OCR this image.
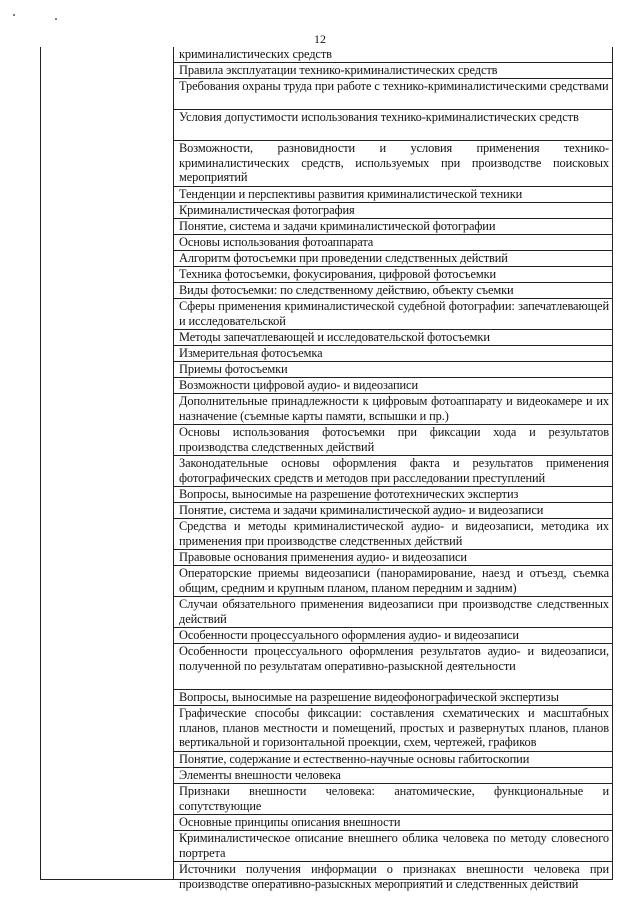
12
криминалистических средств
Правила эксплуатации технико-криминалистических средств
Требования охраны труда при работе с технико-криминалистическими средствами
Условия допустимости использования технико-криминалистических средств
Возможности, разновидности и условия применения технико-криминалистических средств, используемых при производстве поисковых мероприятий
Тенденции и перспективы развития криминалистической техники
Криминалистическая фотография
Понятие, система и задачи криминалистической фотографии
Основы использования фотоаппарата
Алгоритм фотосъемки при проведении следственных действий
Техника фотосъемки, фокусирования, цифровой фотосъемки
Виды фотосъемки: по следственному действию, объекту съемки
Сферы применения криминалистической судебной фотографии: запечатлевающей и исследовательской
Методы запечатлевающей и исследовательской фотосъемки
Измерительная фотосъемка
Приемы фотосъемки
Возможности цифровой аудио- и видеозаписи
Дополнительные принадлежности к цифровым фотоаппарату и видеокамере и их назначение (съемные карты памяти, вспышки и пр.)
Основы использования фотосъемки при фиксации хода и результатов производства следственных действий
Законодательные основы оформления факта и результатов применения фотографических средств и методов при расследовании преступлений
Вопросы, выносимые на разрешение фототехнических экспертиз
Понятие, система и задачи криминалистической аудио- и видеозаписи
Средства и методы криминалистической аудио- и видеозаписи, методика их применения при производстве следственных действий
Правовые основания применения аудио- и видеозаписи
Операторские приемы видеозаписи (панорамирование, наезд и отъезд, съемка общим, средним и крупным планом, планом передним и задним)
Случаи обязательного применения видеозаписи при производстве следственных действий
Особенности процессуального оформления аудио- и видеозаписи
Особенности процессуального оформления результатов аудио- и видеозаписи, полученной по результатам оперативно-разыскной деятельности
Вопросы, выносимые на разрешение видеофонографической экспертизы
Графические способы фиксации: составления схематических и масштабных планов, планов местности и помещений, простых и развернутых планов, планов вертикальной и горизонтальной проекции, схем, чертежей, графиков
Понятие, содержание и естественно-научные основы габитоскопии
Элементы внешности человека
Признаки внешности человека: анатомические, функциональные и сопутствующие
Основные принципы описания внешности
Криминалистическое описание внешнего облика человека по методу словесного портрета
Источники получения информации о признаках внешности человека при производстве оперативно-разыскных мероприятий и следственных действий
